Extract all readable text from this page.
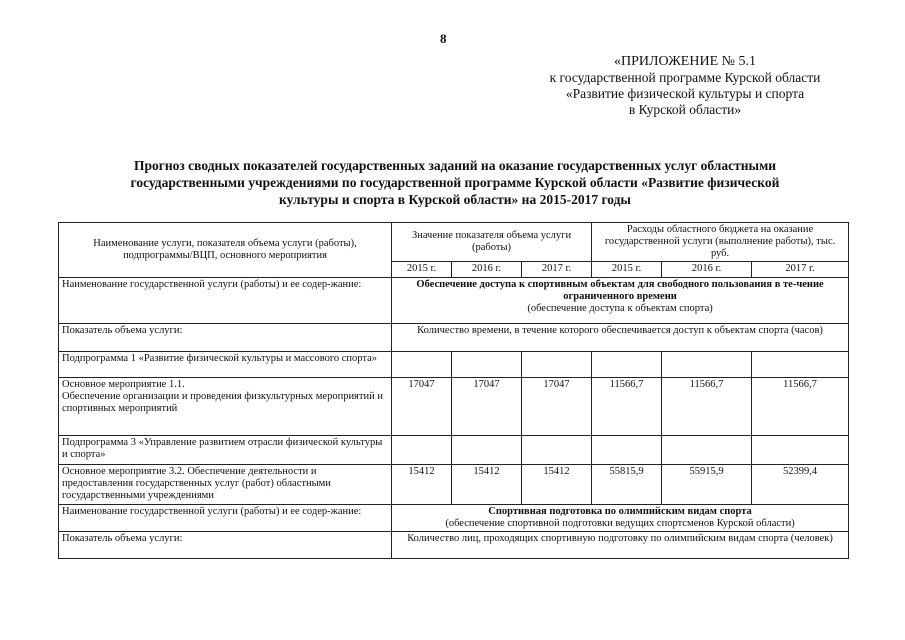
8
«ПРИЛОЖЕНИЕ № 5.1
к государственной программе Курской области
«Развитие физической культуры и спорта
в Курской области»
Прогноз сводных показателей государственных заданий на оказание государственных услуг областными
государственными учреждениями по государственной программе Курской области «Развитие физической
культуры и спорта в Курской области» на 2015-2017 годы
Наименование услуги, показателя объема услуги (работы), подпрограммы/ВЦП, основного мероприятия	Значение показателя объема услуги (работы)			Расходы областного бюджета на оказание государственной услуги (выполнение работы), тыс. руб.		
	2015 г.	2016 г.	2017 г.	2015 г.	2016 г.	2017 г.
Наименование государственной услуги (работы) и ее содер-жание:	Обеспечение доступа к спортивным объектам для свободного пользования в те-чение ограниченного времени
(обеспечение доступа к объектам спорта)					

Показатель объема услуги:	Количество времени, в течение которого обеспечивается доступ к объектам спорта (часов)					
Подпрограмма 1 «Развитие физической культуры и массового спорта»						

Основное мероприятие 1.1.
Обеспечение организации и проведения физкультурных мероприятий и спортивных мероприятий	17047	17047	17047	11566,7	11566,7	11566,7
Подпрограмма 3 «Управление развитием отрасли физической культуры и спорта»						
Основное мероприятие 3.2. Обеспечение деятельности и предоставления государственных услуг (работ) областными государственными учреждениями	15412	15412	15412	55815,9	55915,9	52399,4
Наименование государственной услуги (работы) и ее содер-жание:	Спортивная подготовка по олимпийским видам спорта
(обеспечение спортивной подготовки ведущих спортсменов Курской области)					

Показатель объема услуги:	Количество лиц, проходящих спортивную подготовку по олимпийским видам спорта (человек)					
